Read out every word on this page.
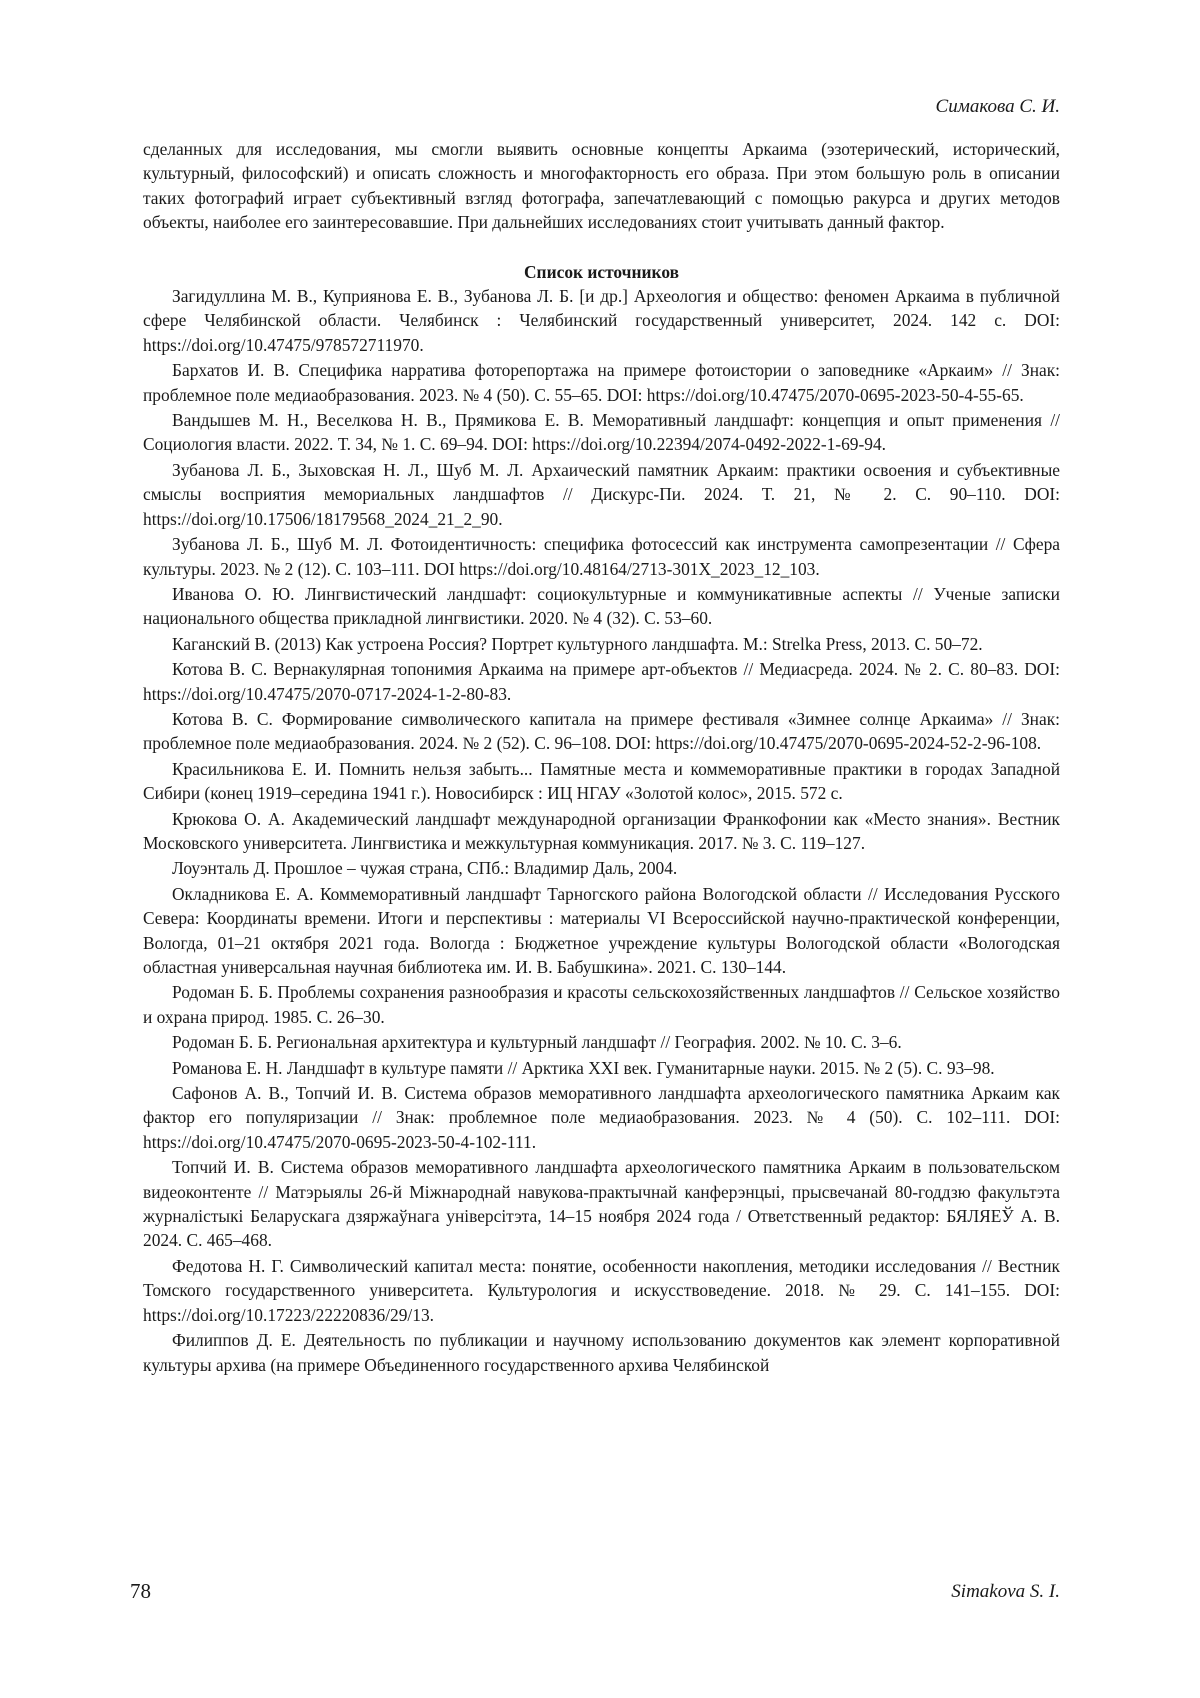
Симакова С. И.

сделанных для исследования, мы смогли выявить основные концепты Аркаима (эзотерический, исторический, культурный, философский) и описать сложность и многофакторность его образа. При этом большую роль в описании таких фотографий играет субъективный взгляд фотографа, запечатлевающий с помощью ракурса и других методов объекты, наиболее его заинтересовавшие. При дальнейших исследованиях стоит учитывать данный фактор.

Список источников

Загидуллина М. В., Куприянова Е. В., Зубанова Л. Б. [и др.] Археология и общество: феномен Аркаима в публичной сфере Челябинской области. Челябинск : Челябинский государственный университет, 2024. 142 с. DOI: https://doi.org/10.47475/978572711970.

Бархатов И. В. Специфика нарратива фоторепортажа на примере фотоистории о заповеднике «Аркаим» // Знак: проблемное поле медиаобразования. 2023. № 4 (50). С. 55–65. DOI: https://doi.org/10.47475/2070-0695-2023-50-4-55-65.

Вандышев М. Н., Веселкова Н. В., Прямикова Е. В. Меморативный ландшафт: концепция и опыт применения // Социология власти. 2022. Т. 34, № 1. С. 69–94. DOI: https://doi.org/10.22394/2074-0492-2022-1-69-94.

Зубанова Л. Б., Зыховская Н. Л., Шуб М. Л. Архаический памятник Аркаим: практики освоения и субъективные смыслы восприятия мемориальных ландшафтов // Дискурс-Пи. 2024. Т. 21, № 2. С. 90–110. DOI: https://doi.org/10.17506/18179568_2024_21_2_90.

Зубанова Л. Б., Шуб М. Л. Фотоидентичность: специфика фотосессий как инструмента самопрезентации // Сфера культуры. 2023. № 2 (12). С. 103–111. DOI https://doi.org/10.48164/2713-301X_2023_12_103.

Иванова О. Ю. Лингвистический ландшафт: социокультурные и коммуникативные аспекты // Ученые записки национального общества прикладной лингвистики. 2020. № 4 (32). С. 53–60.

Каганский В. (2013) Как устроена Россия? Портрет культурного ландшафта. М.: Strelka Press, 2013. С. 50–72.

Котова В. С. Вернакулярная топонимия Аркаима на примере арт-объектов // Медиасреда. 2024. № 2. С. 80–83. DOI: https://doi.org/10.47475/2070-0717-2024-1-2-80-83.

Котова В. С. Формирование символического капитала на примере фестиваля «Зимнее солнце Аркаима» // Знак: проблемное поле медиаобразования. 2024. № 2 (52). С. 96–108. DOI: https://doi.org/10.47475/2070-0695-2024-52-2-96-108.

Красильникова Е. И. Помнить нельзя забыть... Памятные места и коммеморативные практики в городах Западной Сибири (конец 1919–середина 1941 г.). Новосибирск : ИЦ НГАУ «Золотой колос», 2015. 572 с.

Крюкова О. А. Академический ландшафт международной организации Франкофонии как «Место знания». Вестник Московского университета. Лингвистика и межкультурная коммуникация. 2017. № 3. С. 119–127.

Лоуэнталь Д. Прошлое – чужая страна, СПб.: Владимир Даль, 2004.

Окладникова Е. А. Коммеморативный ландшафт Тарногского района Вологодской области // Исследования Русского Севера: Координаты времени. Итоги и перспективы : материалы VI Всероссийской научно-практической конференции, Вологда, 01–21 октября 2021 года. Вологда : Бюджетное учреждение культуры Вологодской области «Вологодская областная универсальная научная библиотека им. И. В. Бабушкина». 2021. С. 130–144.

Родоман Б. Б. Проблемы сохранения разнообразия и красоты сельскохозяйственных ландшафтов // Сельское хозяйство и охрана природ. 1985. С. 26–30.

Родоман Б. Б. Региональная архитектура и культурный ландшафт // География. 2002. № 10. С. 3–6.

Романова Е. Н. Ландшафт в культуре памяти // Арктика XXI век. Гуманитарные науки. 2015. № 2 (5). С. 93–98.

Сафонов А. В., Топчий И. В. Система образов меморативного ландшафта археологического памятника Аркаим как фактор его популяризации // Знак: проблемное поле медиаобразования. 2023. № 4 (50). С. 102–111. DOI: https://doi.org/10.47475/2070-0695-2023-50-4-102-111.

Топчий И. В. Система образов меморативного ландшафта археологического памятника Аркаим в пользовательском видеоконтенте // Матэрыялы 26-й Міжнароднай навукова-практычнай канферэнцыі, прысвечанай 80-годдзю факультэта журналістыкі Беларускага дзяржаўнага універсітэта, 14–15 ноября 2024 года / Ответственный редактор: БЯЛЯЕЎ А. В. 2024. С. 465–468.

Федотова Н. Г. Символический капитал места: понятие, особенности накопления, методики исследования // Вестник Томского государственного университета. Культурология и искусствоведение. 2018. № 29. С. 141–155. DOI: https://doi.org/10.17223/22220836/29/13.

Филиппов Д. Е. Деятельность по публикации и научному использованию документов как элемент корпоративной культуры архива (на примере Объединенного государственного архива Челябинской

78	Simakova S. I.
